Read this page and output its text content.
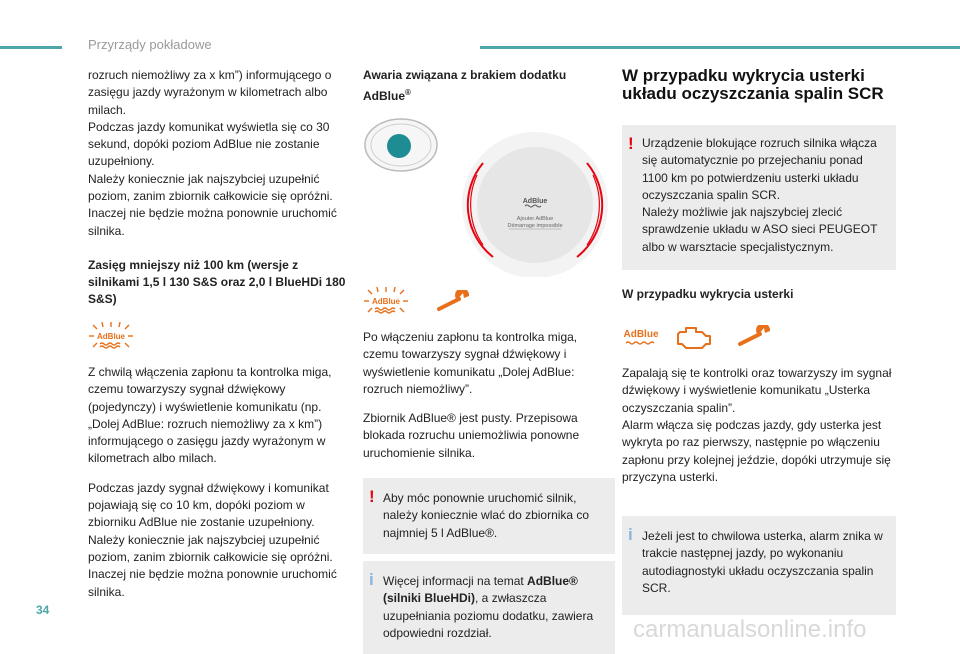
Przyrządy pokładowe

rozruch niemożliwy za x km”) informującego o zasięgu jazdy wyrażonym w kilometrach albo milach.

Podczas jazdy komunikat wyświetla się co 30 sekund, dopóki poziom AdBlue nie zostanie uzupełniony.

Należy koniecznie jak najszybciej uzupełnić poziom, zanim zbiornik całkowicie się opróżni.

Inaczej nie będzie można ponownie uruchomić silnika.

Zasięg mniejszy niż 100 km (wersje z silnikami 1,5 l 130 S&S oraz 2,0 l BlueHDi 180 S&S)
AdBlue

Z chwilą włączenia zapłonu ta kontrolka miga, czemu towarzyszy sygnał dźwiękowy (pojedynczy) i wyświetlenie komunikatu (np. „Dolej AdBlue: rozruch niemożliwy za x km”) informującego o zasięgu jazdy wyrażonym w kilometrach albo milach.

Podczas jazdy sygnał dźwiękowy i komunikat pojawiają się co 10 km, dopóki poziom w zbiorniku AdBlue nie zostanie uzupełniony.

Należy koniecznie jak najszybciej uzupełnić poziom, zanim zbiornik całkowicie się opróżni.

Inaczej nie będzie można ponownie uruchomić silnika.

Awaria związana z brakiem dodatku AdBlue®
AdBlue
Ajouter AdBlue
Démarrage impossible
AdBlue

Po włączeniu zapłonu ta kontrolka miga, czemu towarzyszy sygnał dźwiękowy i wyświetlenie komunikatu „Dolej AdBlue: rozruch niemożliwy”.

Zbiornik AdBlue® jest pusty. Przepisowa blokada rozruchu uniemożliwia ponowne uruchomienie silnika.

! Aby móc ponownie uruchomić silnik, należy koniecznie wlać do zbiornika co najmniej 5 l AdBlue®.

i Więcej informacji na temat AdBlue® (silniki BlueHDi), a zwłaszcza uzupełniania poziomu dodatku, zawiera odpowiedni rozdział.

W przypadku wykrycia usterki układu oczyszczania spalin SCR
! Urządzenie blokujące rozruch silnika włącza się automatycznie po przejechaniu ponad 1100 km po potwierdzeniu usterki układu oczyszczania spalin SCR.

Należy możliwie jak najszybciej zlecić sprawdzenie układu w ASO sieci PEUGEOT albo w warsztacie specjalistycznym.

W przypadku wykrycia usterki
AdBlue

Zapalają się te kontrolki oraz towarzyszy im sygnał dźwiękowy i wyświetlenie komunikatu „Usterka oczyszczania spalin”.

Alarm włącza się podczas jazdy, gdy usterka jest wykryta po raz pierwszy, następnie po włączeniu zapłonu przy kolejnej jeździe, dopóki utrzymuje się przyczyna usterki.

i Jeżeli jest to chwilowa usterka, alarm znika w trakcie następnej jazdy, po wykonaniu autodiagnostyki układu oczyszczania spalin SCR.

34
carmanualsonline.info
